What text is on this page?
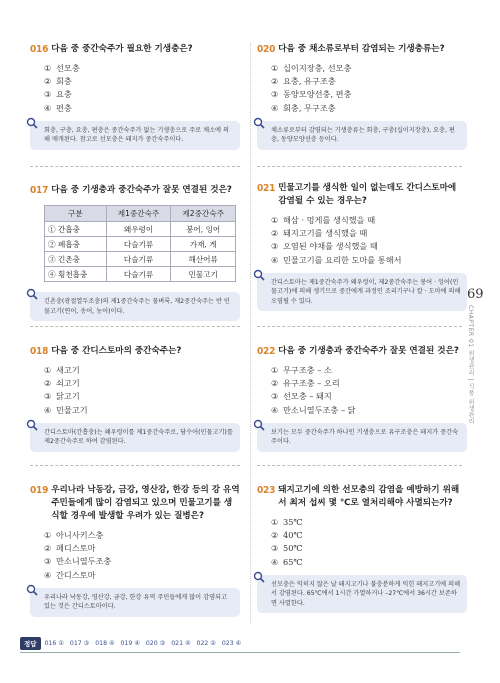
016 다음 중 중간숙주가 필요한 기생충은?
① 선모충
② 회충
③ 요충
④ 편충
회충, 구충, 요충, 편충은 중간숙주가 없는 기생충으로 주로 채소에 의해 매개된다. 참고로 선모충은 돼지가 중간숙주이다.
017 다음 중 기생충과 중간숙주가 잘못 연결된 것은?
구분	제1중간숙주	제2중간숙주
① 간흡충	왜우렁이	붕어, 잉어
② 폐흡충	다슬기류	가재, 게
③ 긴촌충	다슬기류	해산어류
④ 횡천흡충	다슬기류	민물고기
긴촌충(광절열두조충)의 제1중간숙주는 물벼룩, 제2중간숙주는 반 민물고기(연어, 송어, 농어)이다.
018 다음 중 간디스토마의 중간숙주는?
① 새고기
② 쇠고기
③ 닭고기
④ 민물고기
간디스토마(간흡충)는 왜우렁이를 제1중간숙주로, 담수어(민물고기)를 제2중간숙주로 하여 감염된다.
019 우리나라 낙동강, 금강, 영산강, 한강 등의 강 유역 주민들에게 많이 감염되고 있으며 민물고기를 생식할 경우에 발생할 우려가 있는 질병은?
① 아니사키스충
② 페디스토마
③ 만소니열두조충
④ 간디스토마
우리나라 낙동강, 영산강, 금강, 한강 유역 주민들에게 많이 감염되고 있는 것은 간디스토마이다.
020 다음 중 채소류로부터 감염되는 기생충류는?
① 십이지장충, 선모충
② 요충, 유구조충
③ 동양모양선충, 편충
④ 회충, 무구조충
채소류로부터 감염되는 기생충류는 회충, 구충(십이지장충), 요충, 편충, 동양모양선충 등이다.
021 민물고기를 생식한 일이 없는데도 간디스토마에 감염될 수 있는 경우는?
① 해삼 · 멍게를 생식했을 때
② 돼지고기를 생식했을 때
③ 오염된 야채를 생식했을 때
④ 민물고기를 요리한 도마를 통해서
간디스토마는 제1중간숙주가 왜우렁이, 제2중간숙주는 붕어 · 잉어(민물고기)에 의해 생기므로 중간에게 과정인 조리기구나 칼 · 도마에 의해 오염될 수 있다.
022 다음 중 기생충과 중간숙주가 잘못 연결된 것은?
① 무구조충 – 소
② 유구조충 – 오리
③ 선모충 – 돼지
④ 만소니열두조충 – 닭
보기는 모두 중간숙주가 하나인 기생충으로 유구조충은 돼지가 중간숙주이다.
023 돼지고기에 의한 선모충의 감염을 예방하기 위해서 최저 섭씨 몇 ℃로 열처리해야 사멸되는가?
① 35℃
② 40℃
③ 50℃
④ 65℃
선모충은 익히지 않은 날 돼지고기나 불충분하게 익힌 돼지고기에 의해서 감염된다. 65℃에서 1시간 가열하거나 –27℃에서 36시간 보존하면 사멸한다.
69
CHAPTER 01 위생관리 | 식품 위생관리
정답	016 ① 017 ③ 018 ④ 019 ④ 020 ③ 021 ④ 022 ② 023 ④
